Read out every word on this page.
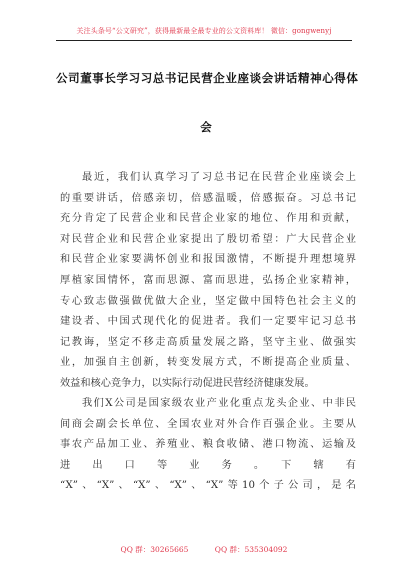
关注头条号“公文研究”，获得最新最全最专业的公文资料库！ 微信：gongwenyj
公司董事长学习习总书记民营企业座谈会讲话精神心得体
会
最近，我们认真学习了习总书记在民营企业座谈会上
的重要讲话，倍感亲切，倍感温暖，倍感振奋。习总书记
充分肯定了民营企业和民营企业家的地位、作用和贡献，
对民营企业和民营企业家提出了殷切希望：广大民营企业
和民营企业家要满怀创业和报国激情，不断提升理想境界
厚植家国情怀，富而思源、富而思进，弘扬企业家精神，
专心致志做强做优做大企业，坚定做中国特色社会主义的
建设者、中国式现代化的促进者。我们一定要牢记习总书
记教诲，坚定不移走高质量发展之路，坚守主业、做强实
业，加强自主创新，转变发展方式，不断提高企业质量、
效益和核心竞争力，以实际行动促进民营经济健康发展。
我们X公司是国家级农业产业化重点龙头企业、中非民
间商会副会长单位、全国农业对外合作百强企业。主要从
事农产品加工业、养殖业、粮食收储、港口物流、运输及
进　出　口　等　业　务　。　下　辖　有
“X”、“X”、“X”、“X”、“X”等10个子公司，是名
QQ 群：30265665	QQ 群：535304092
